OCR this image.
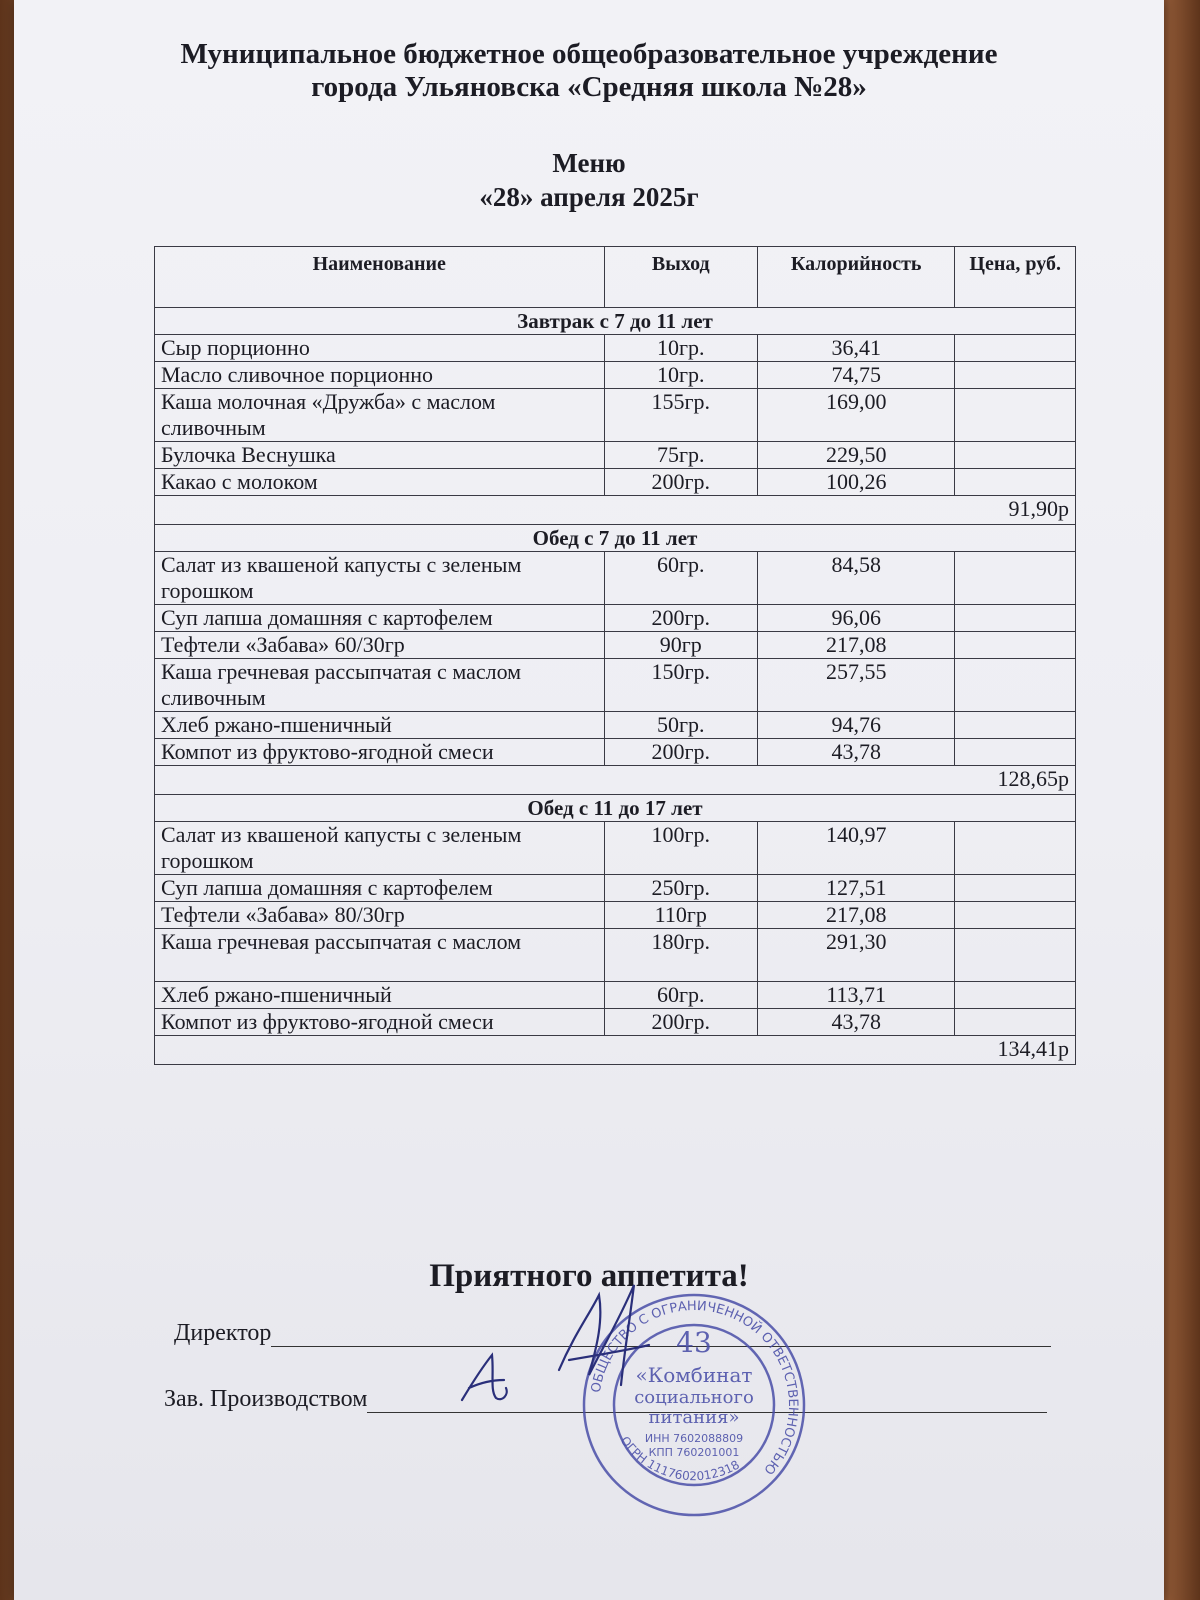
Муниципальное бюджетное общеобразовательное учреждение
города Ульяновска «Средняя школа №28»
Меню
«28» апреля 2025г
Наименование	Выход	Калорийность	Цена, руб.
Завтрак с 7 до 11 лет			
Сыр порционно	10гр.	36,41	
Масло сливочное порционно	10гр.	74,75	
Каша молочная «Дружба» с маслом сливочным	155гр.	169,00	
Булочка Веснушка	75гр.	229,50	
Какао с молоком	200гр.	100,26	
91,90р			
Обед с 7 до 11 лет			
Салат из квашеной капусты с зеленым горошком	60гр.	84,58	
Суп лапша домашняя с картофелем	200гр.	96,06	
Тефтели «Забава» 60/30гр	90гр	217,08	
Каша гречневая рассыпчатая с маслом сливочным	150гр.	257,55	
Хлеб ржано-пшеничный	50гр.	94,76	
Компот из фруктово-ягодной смеси	200гр.	43,78	
128,65р			
Обед с 11 до 17 лет			
Салат из квашеной капусты с зеленым горошком	100гр.	140,97	
Суп лапша домашняя с картофелем	250гр.	127,51	
Тефтели «Забава» 80/30гр	110гр	217,08	
Каша гречневая рассыпчатая с маслом	180гр.	291,30	
Хлеб ржано-пшеничный	60гр.	113,71	
Компот из фруктово-ягодной смеси	200гр.	43,78	
134,41р			
Приятного аппетита!
Директор
Зав. Производством	ОБЩЕСТВО С ОГРАНИЧЕННОЙ ОТВЕТСТВЕННОСТЬЮ
ОГРН 1117602012318
43
«Комбинат
социального
питания»
ИНН 7602088809
КПП 760201001
